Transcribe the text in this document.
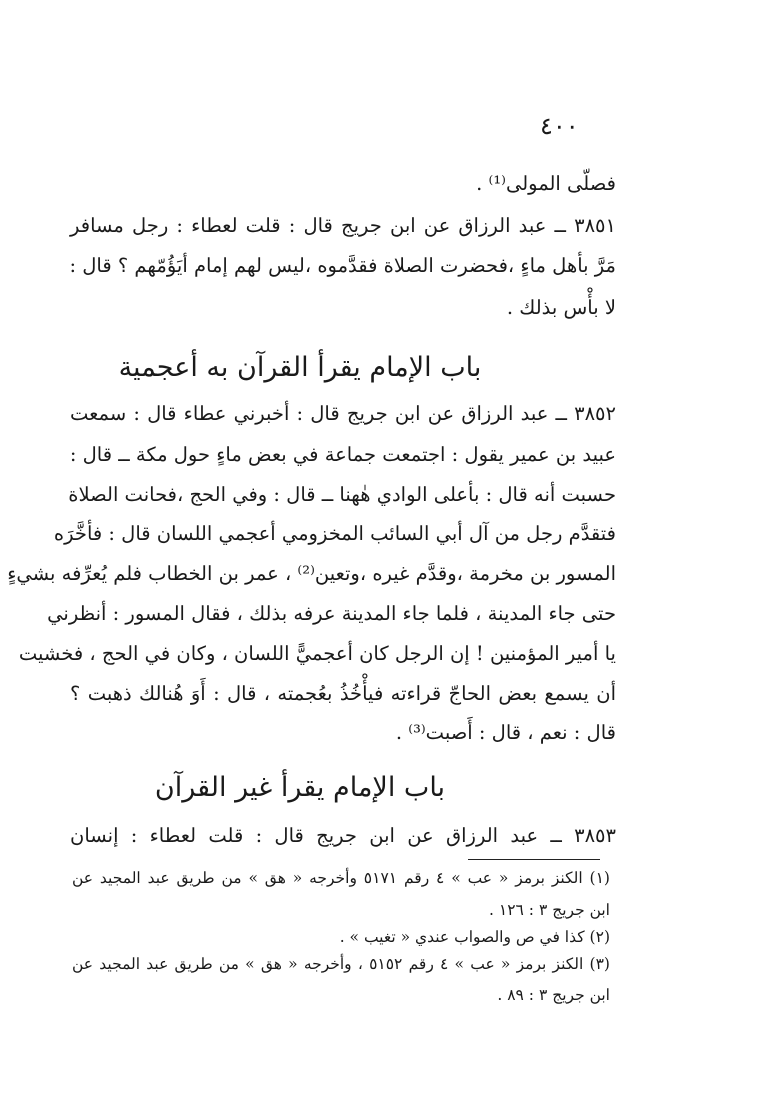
٤٠٠
فصلّى المولى⁽¹⁾ .
٣٨٥١ ــ عبد الرزاق عن ابن جريج قال : قلت لعطاء : رجل مسافر
مَرَّ بأهل ماءٍ ،فحضرت الصلاة فقدَّموه ،ليس لهم إمام أيَؤُمّهم ؟ قال :
لا بأْس بذلك .
باب الإمام يقرأ القرآن به أعجمية
٣٨٥٢ ــ عبد الرزاق عن ابن جريج قال : أخبرني عطاء قال : سمعت
عبيد بن عمير يقول : اجتمعت جماعة في بعض ماءٍ حول مكة ــ قال :
حسبت أنه قال : بأعلى الوادي هٰهنا ــ قال : وفي الحج ،فحانت الصلاة
فتقدَّم رجل من آل أبي السائب المخزومي أعجمي اللسان قال : فأخَّرَه
المسور بن مخرمة ،وقدَّم غيره ،وتعين⁽²⁾ ، عمر بن الخطاب فلم يُعرِّفه بشيءٍ
حتى جاء المدينة ، فلما جاء المدينة عرفه بذلك ، فقال المسور : أنظرني
يا أمير المؤمنين ! إن الرجل كان أعجميًّ اللسان ، وكان في الحج ، فخشيت
أن يسمع بعض الحاجّ قراءته فيأْخُذُ بعُجمته ، قال : أَوَ هُنالك ذهبت ؟
قال : نعم ، قال : أَصبت⁽³⁾ .
باب الإمام يقرأ غير القرآن
٣٨٥٣ ــ عبد الرزاق عن ابن جريج قال : قلت لعطاء : إنسان
(١) الكنز برمز « عب » ٤ رقم ٥١٧١ وأخرجه « هق » من طريق عبد المجيد عن
ابن جريج ٣ : ١٢٦ .
(٢) كذا في ص والصواب عندي « تغيب » .
(٣) الكنز برمز « عب » ٤ رقم ٥١٥٢ ، وأخرجه « هق » من طريق عبد المجيد عن
ابن جريج ٣ : ٨٩ .
